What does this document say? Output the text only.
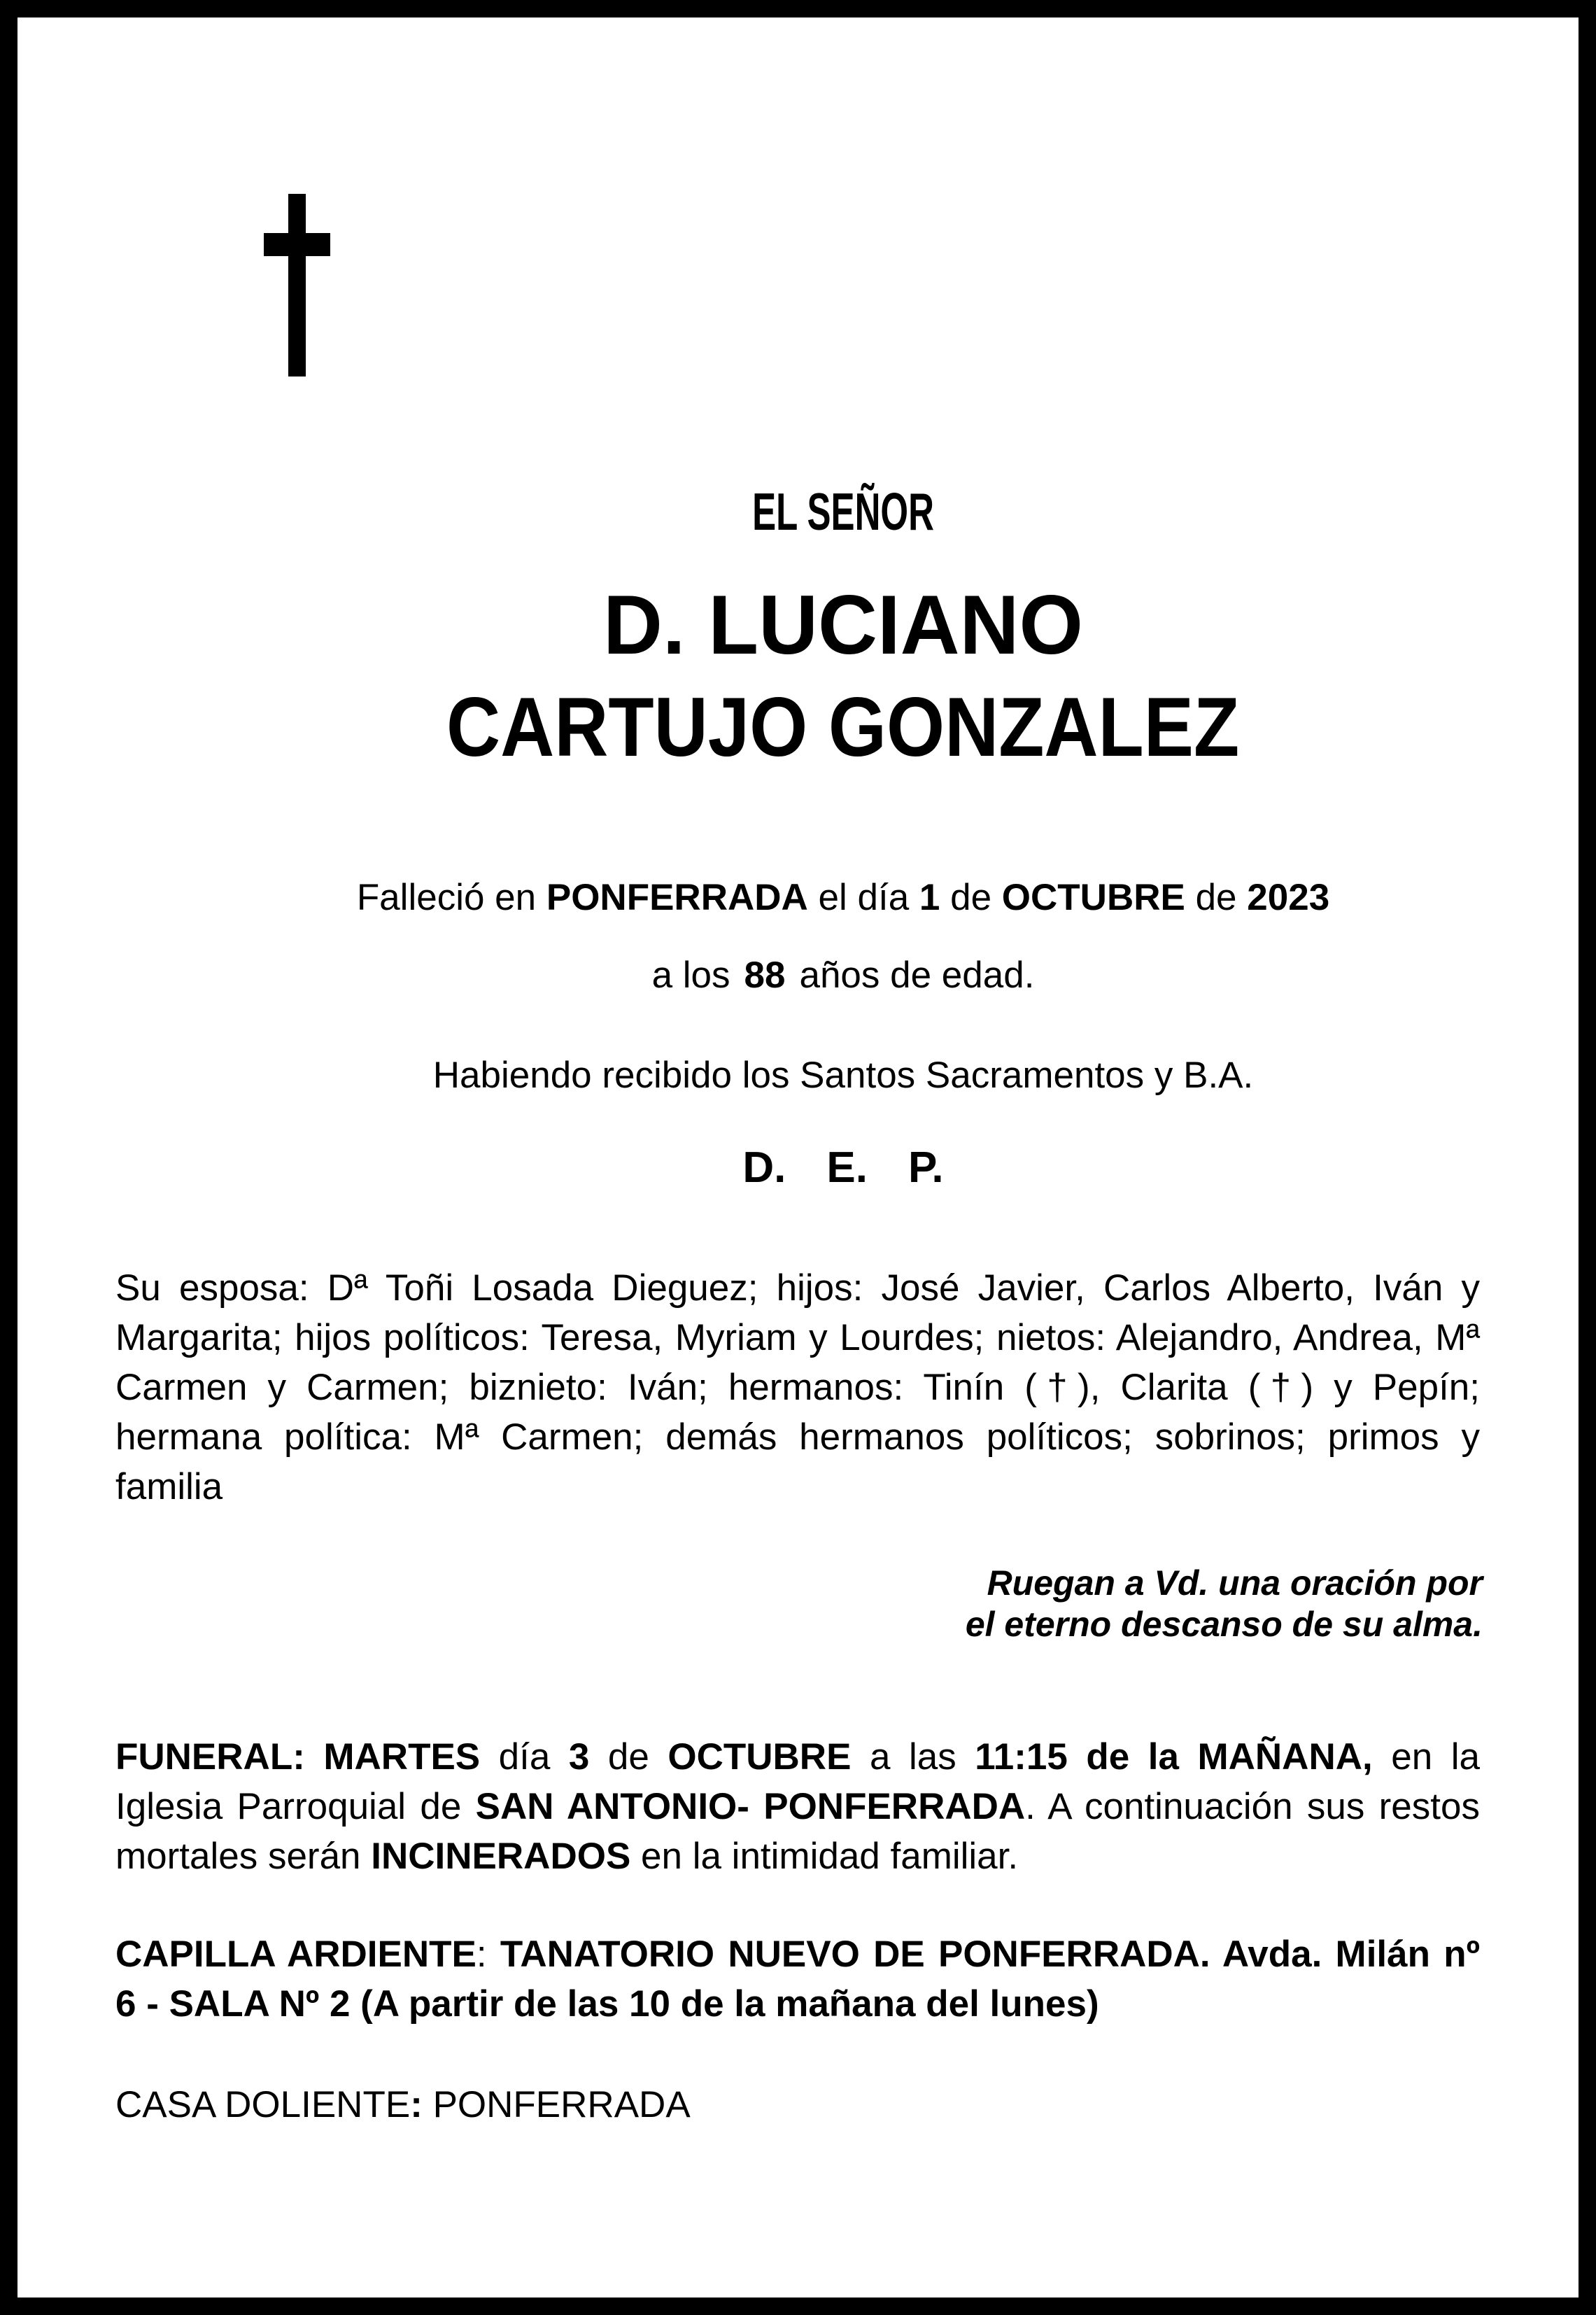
EL SEÑOR
D. LUCIANO
CARTUJO GONZALEZ
Falleció en PONFERRADA el día 1 de OCTUBRE de 2023
a los 88 años de edad.
Habiendo recibido los Santos Sacramentos y B.A.
D. E. P.
Su esposa: Dª Toñi Losada Dieguez; hijos: José Javier, Carlos Alberto, Iván y Margarita; hijos políticos: Teresa, Myriam y Lourdes; nietos: Alejandro, Andrea, Mª Carmen y Carmen; biznieto: Iván; hermanos: Tinín (†), Clarita (†) y Pepín; hermana política: Mª Carmen; demás hermanos políticos; sobrinos; primos y familia
Ruegan a Vd. una oración por
el eterno descanso de su alma.
FUNERAL: MARTES día 3 de OCTUBRE a las 11:15 de la MAÑANA, en la Iglesia Parroquial de SAN ANTONIO- PONFERRADA. A continuación sus restos mortales serán INCINERADOS en la intimidad familiar.
CAPILLA ARDIENTE: TANATORIO NUEVO DE PONFERRADA. Avda. Milán nº 6 - SALA Nº 2 (A partir de las 10 de la mañana del lunes)
CASA DOLIENTE: PONFERRADA
